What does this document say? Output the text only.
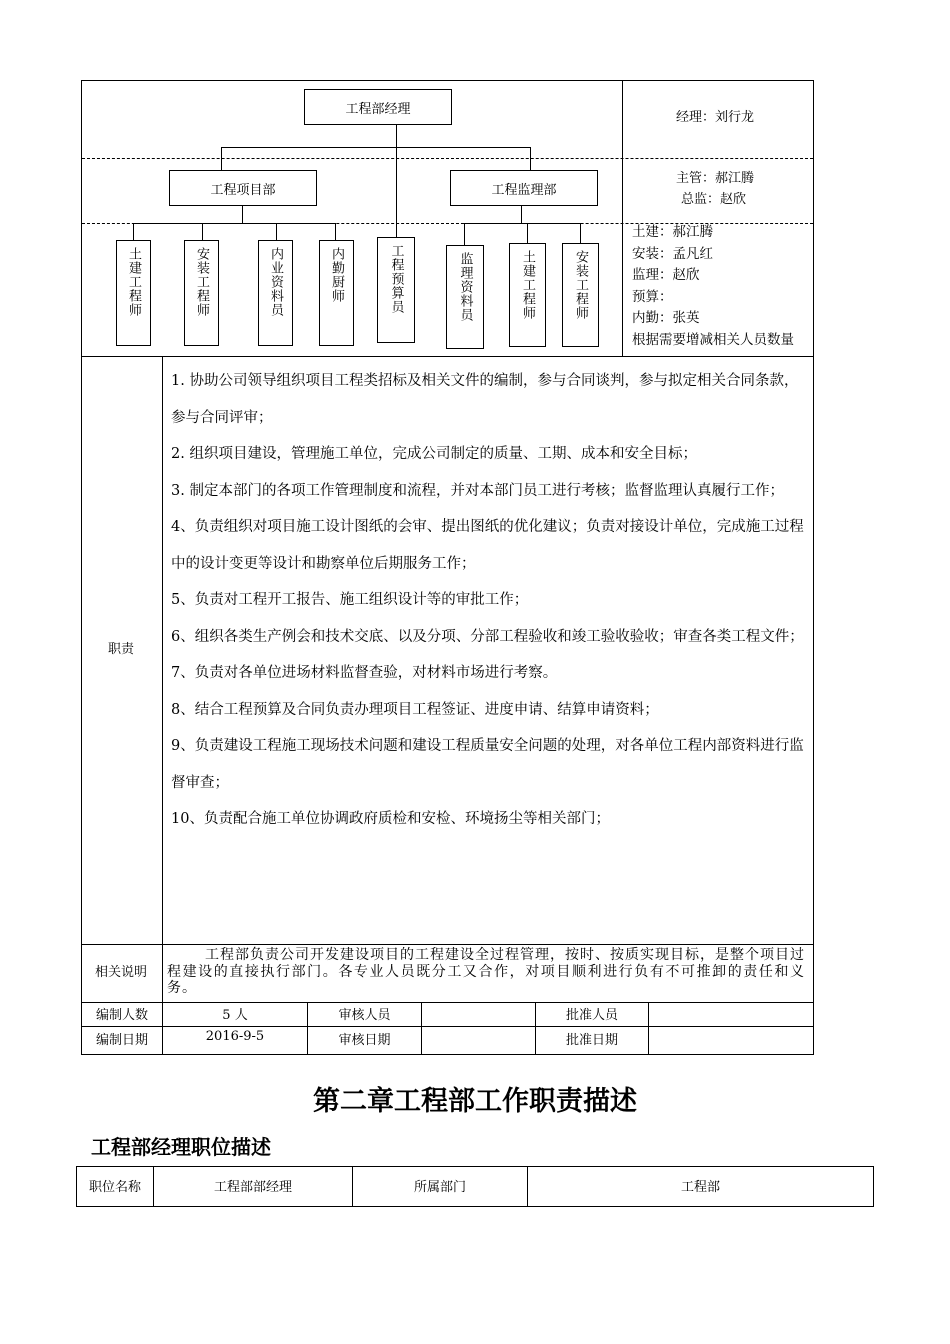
工程部经理
工程项目部	工程监理部
土建工程师	安装工程师	内业资料员	内勤厨师	工程预算员	监理资料员	土建工程师	安装工程师
经理：刘行龙
主管：郝江腾
总监：赵欣
土建：郝江腾
安装：孟凡红
监理：赵欣
预算：
内勤：张英
根据需要增减相关人员数量
职责

1. 协助公司领导组织项目工程类招标及相关文件的编制，参与合同谈判，参与拟定相关合同条款，参与合同评审；

2. 组织项目建设，管理施工单位，完成公司制定的质量、工期、成本和安全目标；

3. 制定本部门的各项工作管理制度和流程，并对本部门员工进行考核；监督监理认真履行工作；

4、负责组织对项目施工设计图纸的会审、提出图纸的优化建议；负责对接设计单位，完成施工过程中的设计变更等设计和勘察单位后期服务工作；

5、负责对工程开工报告、施工组织设计等的审批工作；

6、组织各类生产例会和技术交底、以及分项、分部工程验收和竣工验收验收；审查各类工程文件；

7、负责对各单位进场材料监督查验，对材料市场进行考察。

8、结合工程预算及合同负责办理项目工程签证、进度申请、结算申请资料；

9、负责建设工程施工现场技术问题和建设工程质量安全问题的处理，对各单位工程内部资料进行监督审查；

10、负责配合施工单位协调政府质检和安检、环境扬尘等相关部门；

相关说明
工程部负责公司开发建设项目的工程建设全过程管理，按时、按质实现目标，是整个项目过程建设的直接执行部门。各专业人员既分工又合作，对项目顺利进行负有不可推卸的责任和义务。
编制人数	5 人	审核人员	批准人员
编制日期	2016-9-5	审核日期	批准日期
第二章工程部工作职责描述
工程部经理职位描述
职位名称	工程部部经理	所属部门	工程部
